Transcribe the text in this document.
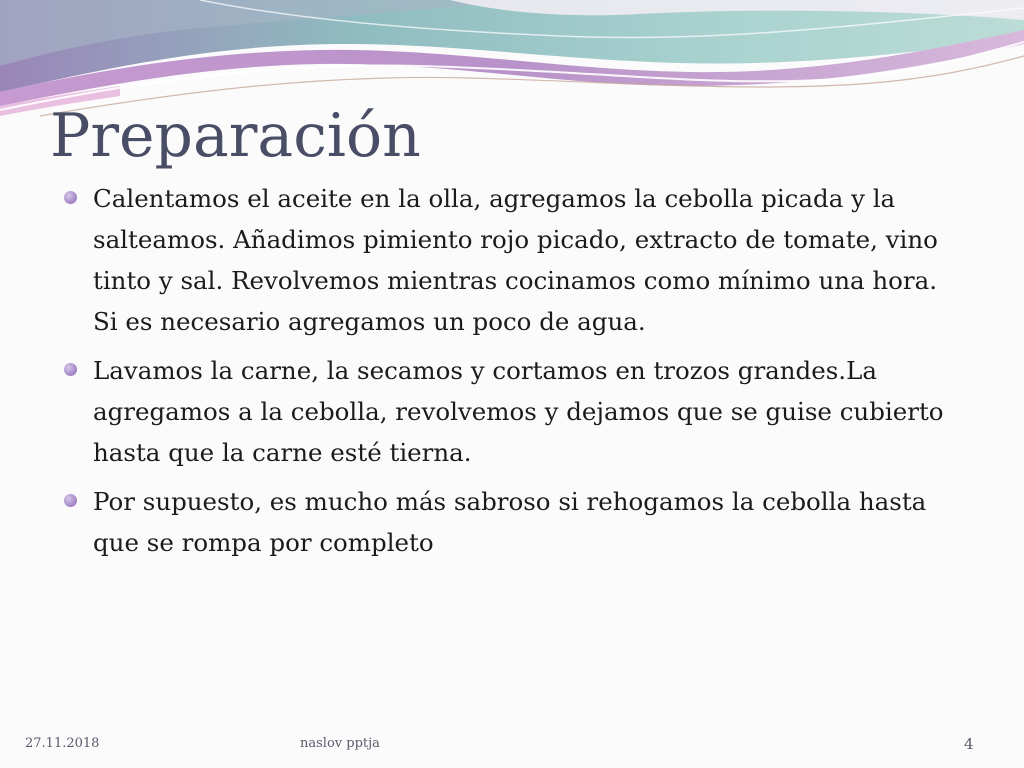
Preparación
Calentamos el aceite en la olla, agregamos la cebolla picada y la salteamos. Añadimos pimiento rojo picado, extracto de tomate, vino tinto y sal. Revolvemos mientras cocinamos como mínimo una hora. Si es necesario agregamos un poco de agua.
Lavamos la carne, la secamos y cortamos en trozos grandes.La agregamos a la cebolla, revolvemos y dejamos que se guise cubierto hasta que la carne esté tierna.
Por supuesto, es mucho más sabroso si rehogamos la cebolla hasta que se rompa por completo
27.11.2018	naslov pptja	4
